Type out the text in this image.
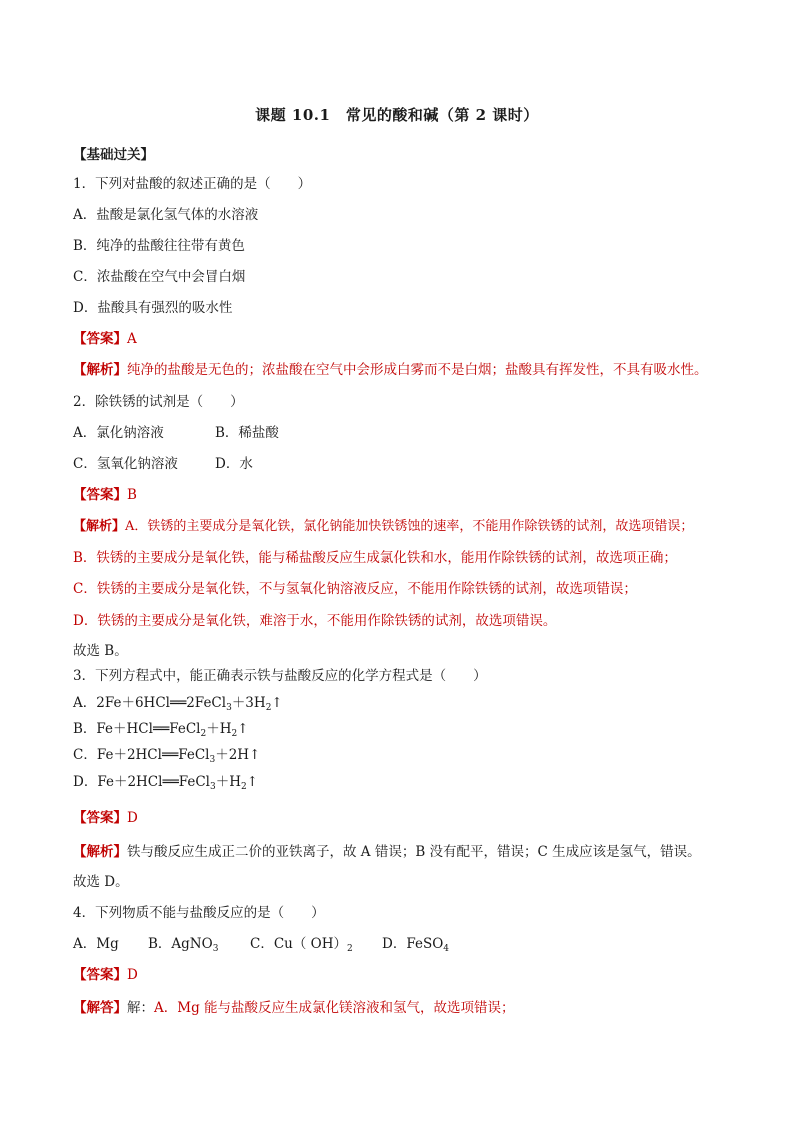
课题 10.1　常见的酸和碱（第 2 课时）
【基础过关】
1．下列对盐酸的叙述正确的是（　　）
A．盐酸是氯化氢气体的水溶液
B．纯净的盐酸往往带有黄色
C．浓盐酸在空气中会冒白烟
D．盐酸具有强烈的吸水性
【答案】A
【解析】纯净的盐酸是无色的；浓盐酸在空气中会形成白雾而不是白烟；盐酸具有挥发性，不具有吸水性。
2．除铁锈的试剂是（　　）
A．氯化钠溶液	B．稀盐酸
C．氢氧化钠溶液	D．水
【答案】B
【解析】A．铁锈的主要成分是氧化铁，氯化钠能加快铁锈蚀的速率，不能用作除铁锈的试剂，故选项错误；
B．铁锈的主要成分是氧化铁，能与稀盐酸反应生成氯化铁和水，能用作除铁锈的试剂，故选项正确；
C．铁锈的主要成分是氧化铁，不与氢氧化钠溶液反应，不能用作除铁锈的试剂，故选项错误；
D．铁锈的主要成分是氧化铁，难溶于水，不能用作除铁锈的试剂，故选项错误。
故选 B。
3．下列方程式中，能正确表示铁与盐酸反应的化学方程式是（　　）
A．$2Fe+6HCl══2FeCl_3+3H_2↑$
B．$Fe+HCl══FeCl_2+H_2↑$
C．Fe＋2HCl══FeCl$_3$＋2H↑
D．$Fe+2HCl══FeCl_3+H_2↑$
【答案】D
【解析】铁与酸反应生成正二价的亚铁离子，故 A 错误；B 没有配平，错误；C 生成应该是氢气，错误。
故选 D。
4．下列物质不能与盐酸反应的是（　　）
A．Mg B．AgNO$_3$ C．Cu（ $OH)_2$ D．FeSO$_4$
【答案】D
【解答】解：A．Mg 能与盐酸反应生成氯化镁溶液和氢气，故选项错误；
